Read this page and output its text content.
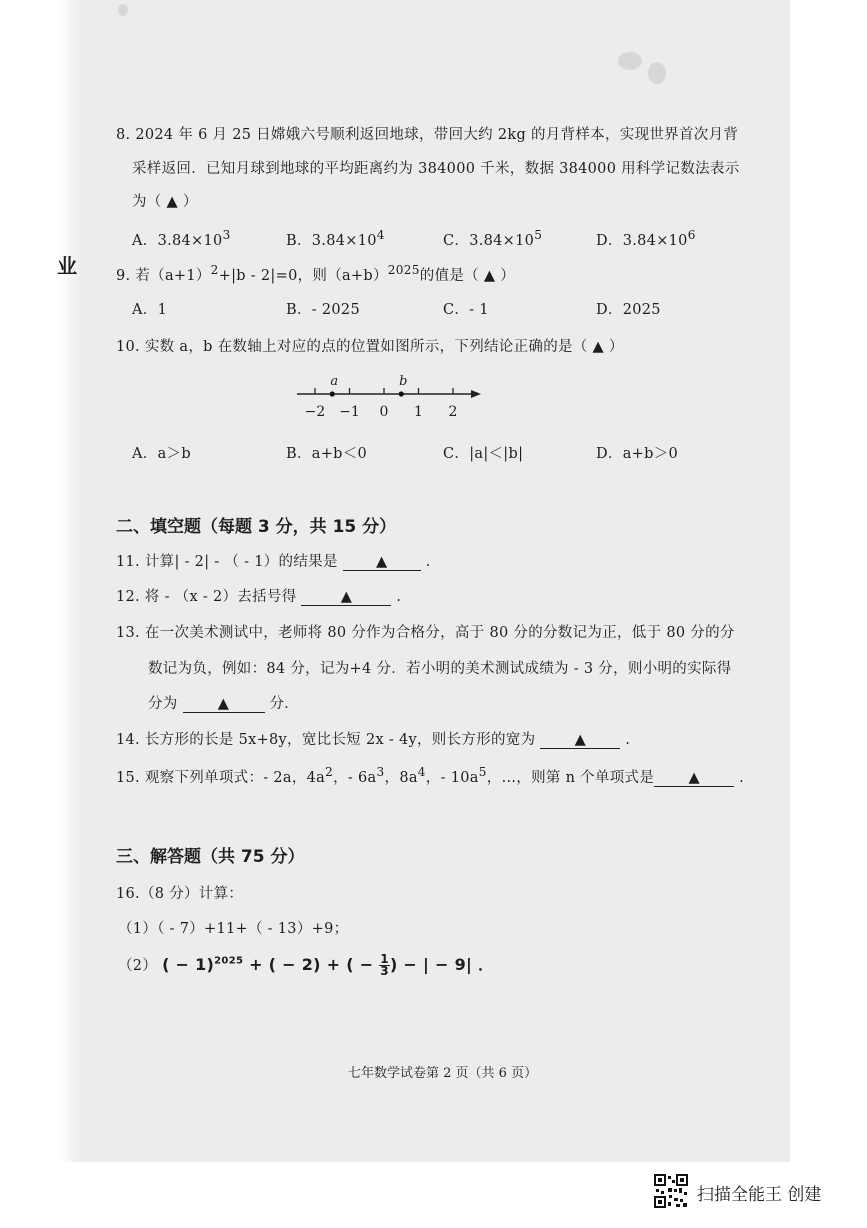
业
8. 2024 年 6 月 25 日嫦娥六号顺利返回地球，带回大约 2kg 的月背样本，实现世界首次月背
采样返回．已知月球到地球的平均距离约为 384000 千米，数据 384000 用科学记数法表示
为（ ▲ ）
A．$3.84\times 10^3$	B．$3.84\times 10^4$	C．$3.84\times 10^5$	D．$3.84\times 10^6$
9. 若$(a+1)^2+|b - 2|=0$，则$(a+b)^{2025}$的值是（ ▲ ）
A．1	B．- 2025	C．- 1	D．2025
10. 实数 a，b 在数轴上对应的点的位置如图所示，下列结论正确的是（ ▲ ）
−2 −1 0 1 2
a	b
A．a＞b	B．a+b＜0	C．|a|＜|b|	D．a+b＞0
二、填空题（每题 3 分，共 15 分）
11. 计算| - 2| - （ - 1）的结果是	▲	.
12. 将 - （x - 2）去括号得	▲	.
13. 在一次美术测试中，老师将 80 分作为合格分，高于 80 分的分数记为正，低于 80 分的分
数记为负，例如：84 分，记为+4 分．若小明的美术测试成绩为 - 3 分，则小明的实际得
分为	▲	分．
14. 长方形的长是 5x+8y，宽比长短 2x - 4y，则长方形的宽为	▲	.
15. 观察下列单项式：- 2a，$4a^2$，- $6a^3$，$8a^4$，- $10a^5$，…，则第 n 个单项式是 ▲	.
三、解答题（共 75 分）
16.（8 分）计算：
（1）（ - 7）+11+（ - 13）+9；
（2） ( − 1)$^{2025}$ + ( − 2) + ( − $\frac{1}{3}$ ) − | − 9| ．
七年数学试卷第 2 页（共 6 页）
扫描全能王 创建
